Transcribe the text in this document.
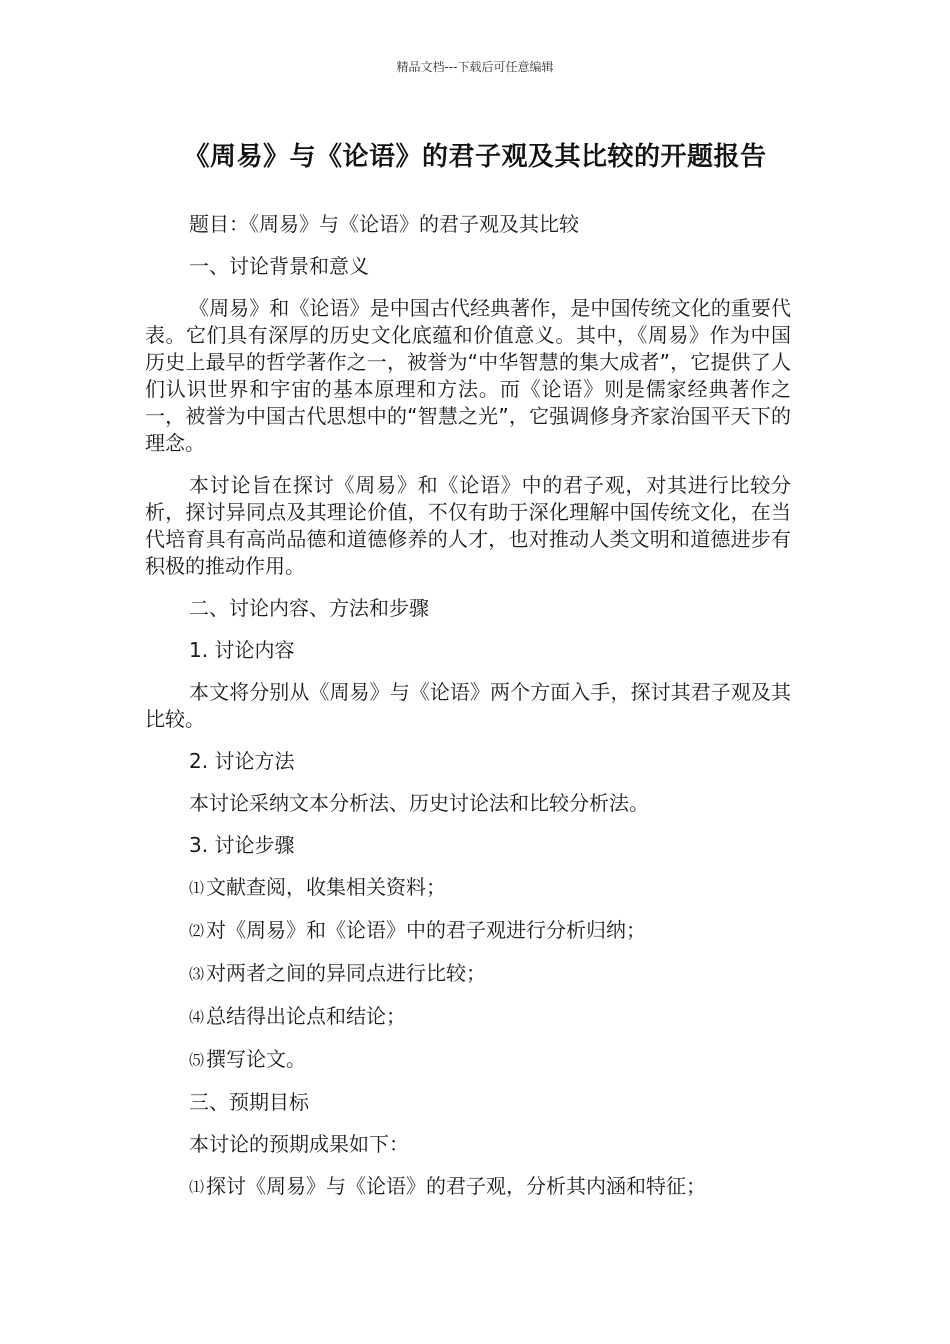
精品文档---下载后可任意编辑
《周易》与《论语》的君子观及其比较的开题报告
题目：《周易》与《论语》的君子观及其比较
一、讨论背景和意义

《周易》和《论语》是中国古代经典著作，是中国传统文化的重要代表。它们具有深厚的历史文化底蕴和价值意义。其中，《周易》作为中国历史上最早的哲学著作之一，被誉为“中华智慧的集大成者”，它提供了人们认识世界和宇宙的基本原理和方法。而《论语》则是儒家经典著作之一，被誉为中国古代思想中的“智慧之光”，它强调修身齐家治国平天下的理念。

本讨论旨在探讨《周易》和《论语》中的君子观，对其进行比较分析，探讨异同点及其理论价值，不仅有助于深化理解中国传统文化，在当代培育具有高尚品德和道德修养的人才，也对推动人类文明和道德进步有积极的推动作用。

二、讨论内容、方法和步骤
1. 讨论内容

本文将分别从《周易》与《论语》两个方面入手，探讨其君子观及其比较。

2. 讨论方法
本讨论采纳文本分析法、历史讨论法和比较分析法。
3. 讨论步骤
⑴ 文献查阅，收集相关资料；
⑵ 对《周易》和《论语》中的君子观进行分析归纳；
⑶ 对两者之间的异同点进行比较；
⑷ 总结得出论点和结论；
⑸ 撰写论文。
三、预期目标
本讨论的预期成果如下：
⑴ 探讨《周易》与《论语》的君子观，分析其内涵和特征；
